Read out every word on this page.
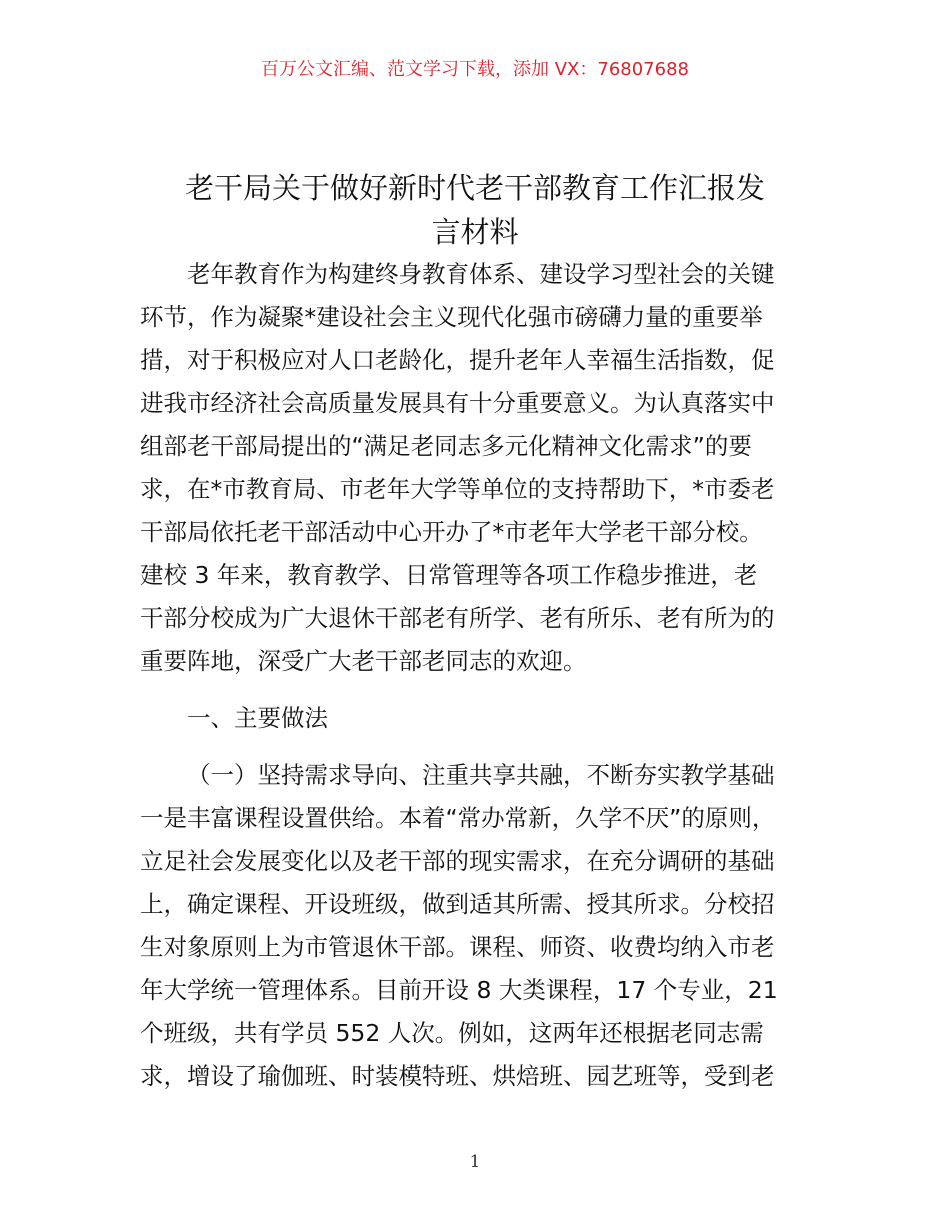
百万公文汇编、范文学习下载，添加 VX：76807688
老干局关于做好新时代老干部教育工作汇报发
言材料
老年教育作为构建终身教育体系、建设学习型社会的关键
环节，作为凝聚*建设社会主义现代化强市磅礴力量的重要举
措，对于积极应对人口老龄化，提升老年人幸福生活指数，促
进我市经济社会高质量发展具有十分重要意义。为认真落实中
组部老干部局提出的“满足老同志多元化精神文化需求”的要
求，在*市教育局、市老年大学等单位的支持帮助下，*市委老
干部局依托老干部活动中心开办了*市老年大学老干部分校。
建校 3 年来，教育教学、日常管理等各项工作稳步推进，老
干部分校成为广大退休干部老有所学、老有所乐、老有所为的
重要阵地，深受广大老干部老同志的欢迎。
一、主要做法
（一）坚持需求导向、注重共享共融，不断夯实教学基础
一是丰富课程设置供给。本着“常办常新，久学不厌”的原则，
立足社会发展变化以及老干部的现实需求，在充分调研的基础
上，确定课程、开设班级，做到适其所需、授其所求。分校招
生对象原则上为市管退休干部。课程、师资、收费均纳入市老
年大学统一管理体系。目前开设 8 大类课程，17 个专业，21
个班级，共有学员 552 人次。例如，这两年还根据老同志需
求，增设了瑜伽班、时装模特班、烘焙班、园艺班等，受到老
1
